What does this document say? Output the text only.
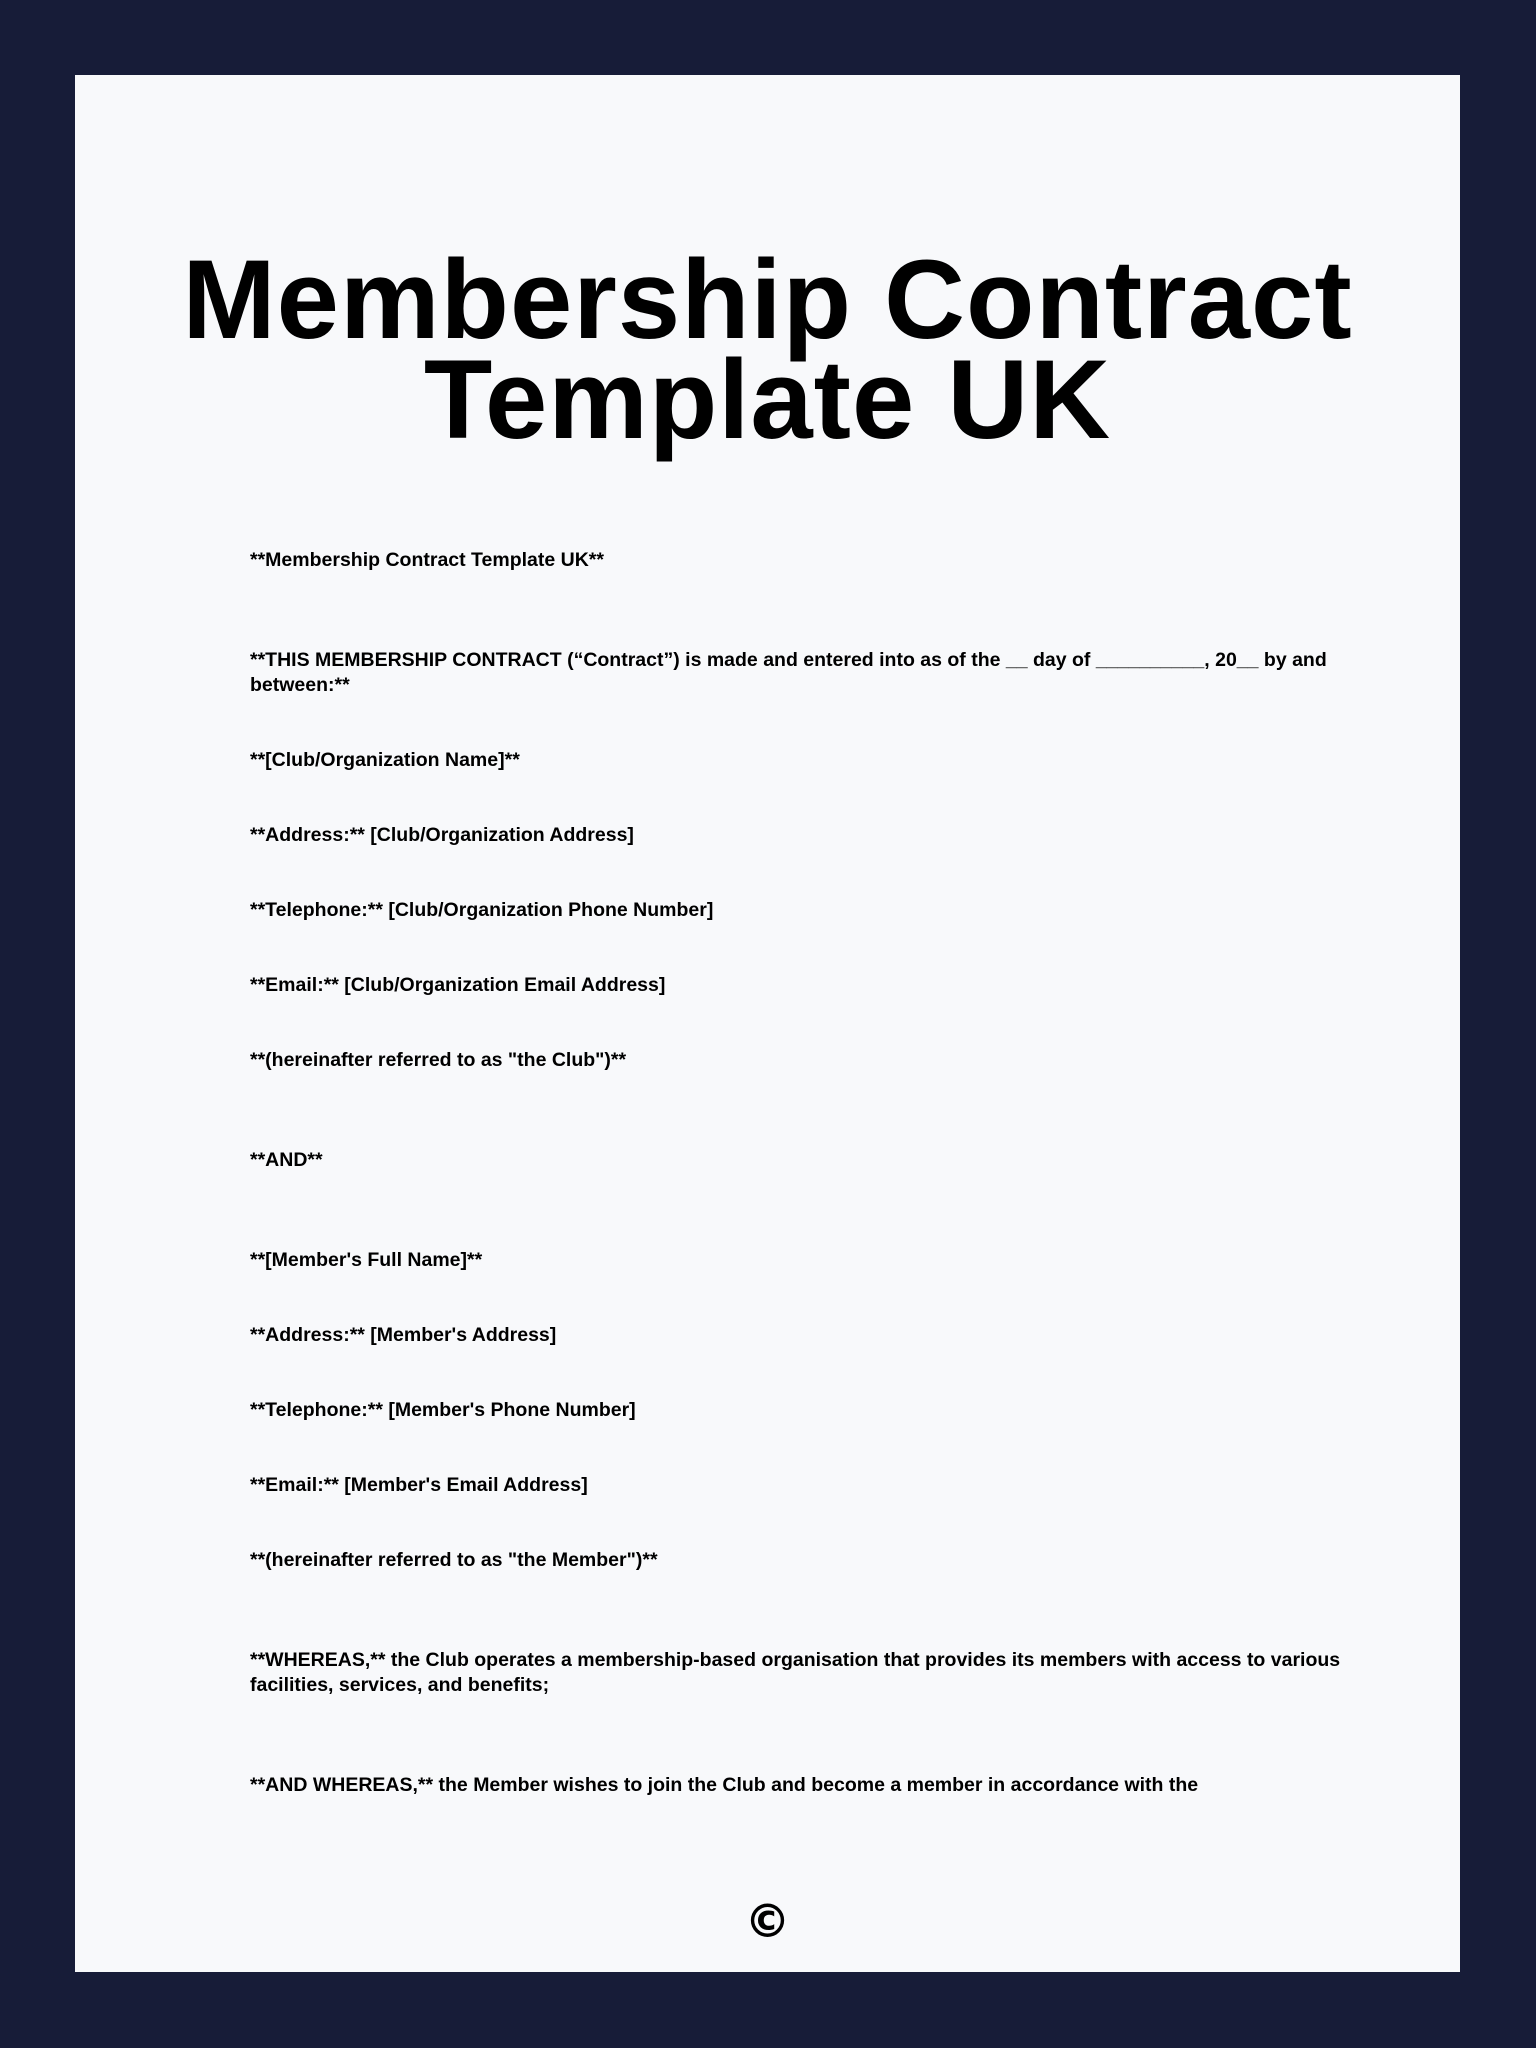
Membership Contract
Template UK

**Membership Contract Template UK**

**THIS MEMBERSHIP CONTRACT (“Contract”) is made and entered into as of the __ day of __________, 20__ by and between:**

**[Club/Organization Name]**

**Address:** [Club/Organization Address]

**Telephone:** [Club/Organization Phone Number]

**Email:** [Club/Organization Email Address]

**(hereinafter referred to as "the Club")**

**AND**

**[Member's Full Name]**

**Address:** [Member's Address]

**Telephone:** [Member's Phone Number]

**Email:** [Member's Email Address]

**(hereinafter referred to as "the Member")**

**WHEREAS,** the Club operates a membership-based organisation that provides its members with access to various facilities, services, and benefits;

**AND WHEREAS,** the Member wishes to join the Club and become a member in accordance with the

©
